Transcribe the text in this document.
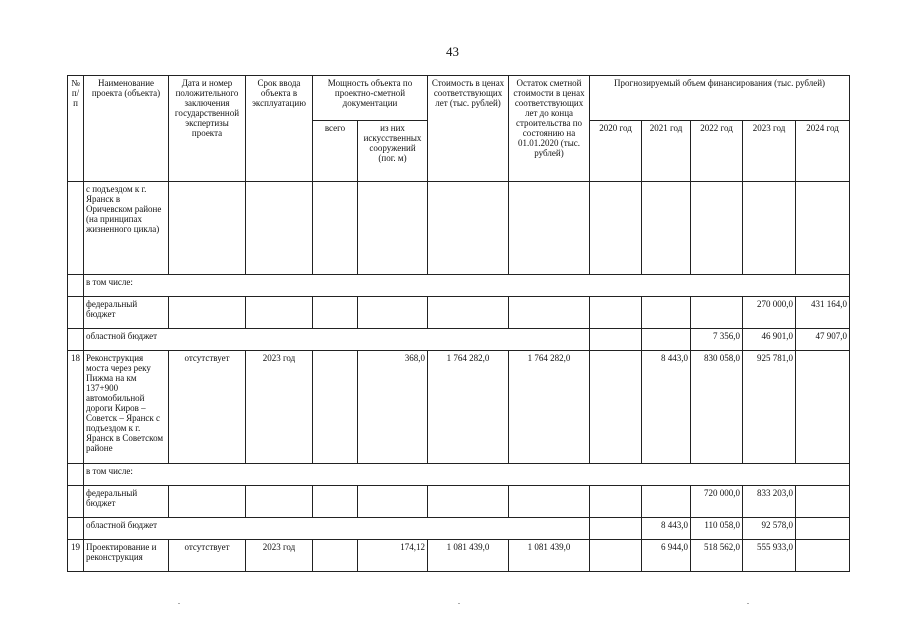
43
№ п/п	Наименование проекта (объекта)	Дата и номер положительного заключения государственной экспертизы проекта	Срок ввода объекта в эксплуатацию	Мощность объекта по проектно-сметной документации		Стоимость в ценах соответствующих лет (тыс. рублей)	Остаток сметной стоимости в ценах соответствующих лет до конца строительства по состоянию на 01.01.2020 (тыс. рублей)	Прогнозируемый объем финансирования (тыс. рублей)				
				всего	из них искусственных сооружений (пог. м)			2020 год	2021 год	2022 год	2023 год	2024 год
	с подъездом к г. Яранск в Оричевском районе (на принципах жизненного цикла)											
	в том числе:											
	федеральный бюджет										270 000,0	431 164,0
	областной бюджет									7 356,0	46 901,0	47 907,0
18	Реконструкция моста через реку Пижма на км 137+900 автомобильной дороги Киров – Советск – Яранск с подъездом к г. Яранск в Советском районе	отсутствует	2023 год		368,0	1 764 282,0	1 764 282,0		8 443,0	830 058,0	925 781,0	
	в том числе:											
	федеральный бюджет									720 000,0	833 203,0	
	областной бюджет								8 443,0	110 058,0	92 578,0	
19	Проектирование и реконструкция	отсутствует	2023 год		174,12	1 081 439,0	1 081 439,0		6 944,0	518 562,0	555 933,0	
